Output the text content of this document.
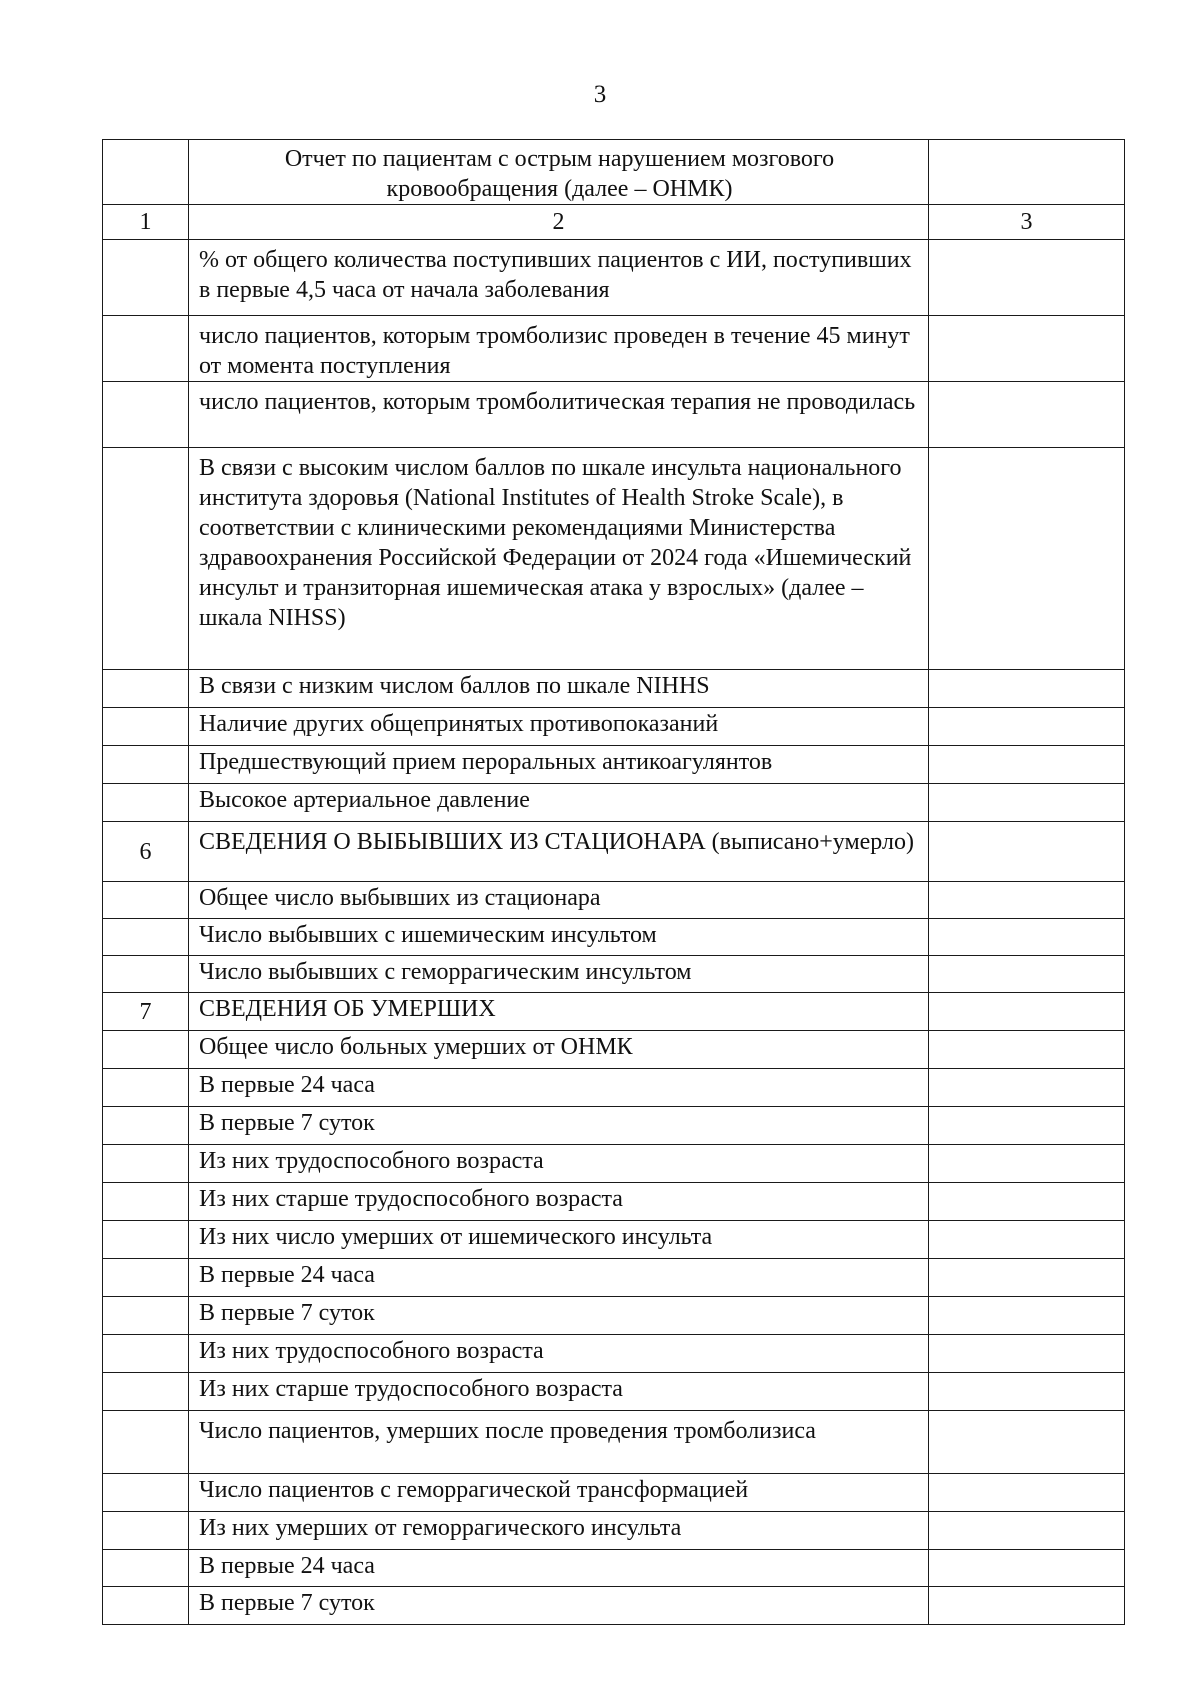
3
	Отчет по пациентам с острым нарушением мозгового кровообращения (далее – ОНМК)	
1	2	3
	% от общего количества поступивших пациентов с ИИ, поступивших в первые 4,5 часа от начала заболевания	
	число пациентов, которым тромболизис проведен в течение 45 минут от момента поступления	
	число пациентов, которым тромболитическая терапия не проводилась	
	В связи с высоким числом баллов по шкале инсульта национального института здоровья (National Institutes of Health Stroke Scale), в соответствии с клиническими рекомендациями Министерства здравоохранения Российской Федерации от 2024 года «Ишемический инсульт и транзиторная ишемическая атака у взрослых» (далее – шкала NIHSS)	
	В связи с низким числом баллов по шкале NIHHS	
	Наличие других общепринятых противопоказаний	
	Предшествующий прием пероральных антикоагулянтов	
	Высокое артериальное давление	
6	СВЕДЕНИЯ О ВЫБЫВШИХ ИЗ СТАЦИОНАРА (выписано+умерло)	
	Общее число выбывших из стационара	
	Число выбывших с ишемическим инсультом	
	Число выбывших с геморрагическим инсультом	
7	СВЕДЕНИЯ ОБ УМЕРШИХ	
	Общее число больных умерших от ОНМК	
	В первые 24 часа	
	В первые 7 суток	
	Из них трудоспособного возраста	
	Из них старше трудоспособного возраста	
	Из них число умерших от ишемического инсульта	
	В первые 24 часа	
	В первые 7 суток	
	Из них трудоспособного возраста	
	Из них старше трудоспособного возраста	
	Число пациентов, умерших после проведения тромболизиса	
	Число пациентов с геморрагической трансформацией	
	Из них умерших от геморрагического инсульта	
	В первые 24 часа	
	В первые 7 суток	
